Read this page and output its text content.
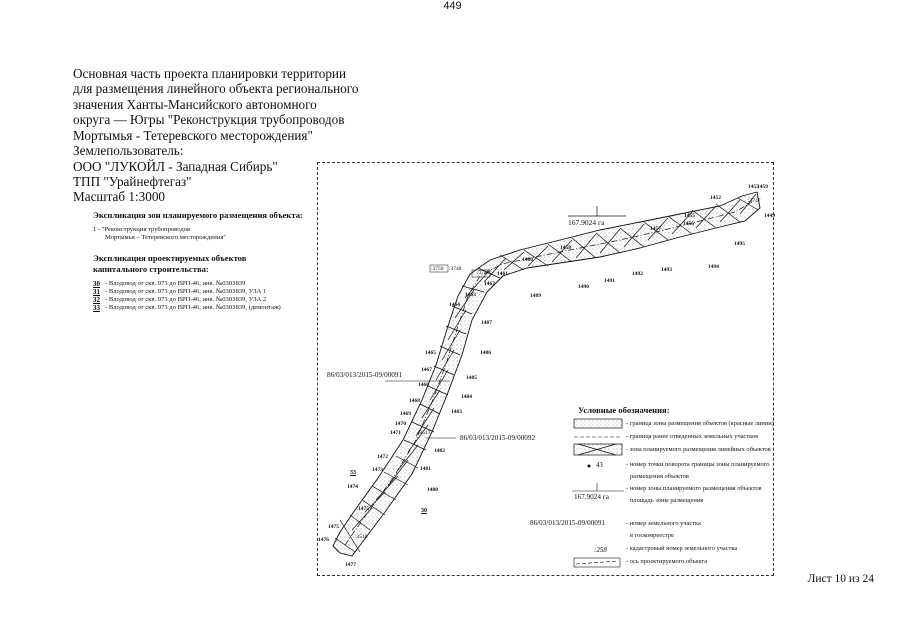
449
Основная часть проекта планировки территории
для размещения линейного объекта регионального
значения Ханты-Мансийского автономного
округа — Югры "Реконструкция трубопроводов
Мортымья - Тетеревского месторождения"
Землепользователь:
ООО "ЛУКОЙЛ - Западная Сибирь"
ТПП "Урайнефтегаз"
Масштаб 1:3000
Экспликация зон планируемого размещения объекта:
1 - "Реконструкция трубопроводов
Мортымья – Тетеревского месторождения"
Экспликация проектируемых объектов
капитального строительства:
30 - Влодовод от скв. 973 до ВРП-46, инв. №0303839
31 - Влодовод от скв. 973 до ВРП-46, инв. №0303839, УЗА 1
32 - Влодовод от скв. 973 до ВРП-46, инв. №0303839, УЗА 2
33 - Влодовод от скв. 973 до ВРП-46, инв. №0303839, (демонтаж)
167.9024 га
86/03/013/2015-09/00091
86/03/013/2015-09/00092
:3750 :3748
:3749
:3747
:3510
:3517
1453
1459
1452
1455	1449
1456
1457
1495
1494
1458
1493
1492
1491
1490
1460
1489
1461
1462
1463
1464
1487
1465	1486
1467
1485
1466
1484
1468
1483
1469
1470
1482
1471
1472
1481
1473
1480
1474
1475
1476
1477
1475	30
33
Условные обозначения:
- граница зоны размещения объектов (красные линии)
- граница ранее отведенных земельных участков
- зона планируемого размещения линейных объектов
- номер точки поворота границы зоны планируемого
размещения объектов
- номер зоны планируемого размещения объектов
площадь зоны размещения
- номер земельного участка
в госкомреестре
- кадастровый номер земельного участка
- ось проектируемого объекта
43
167.9024 га
86/03/013/2015-09/00091
:258
Лист 10 из 24
